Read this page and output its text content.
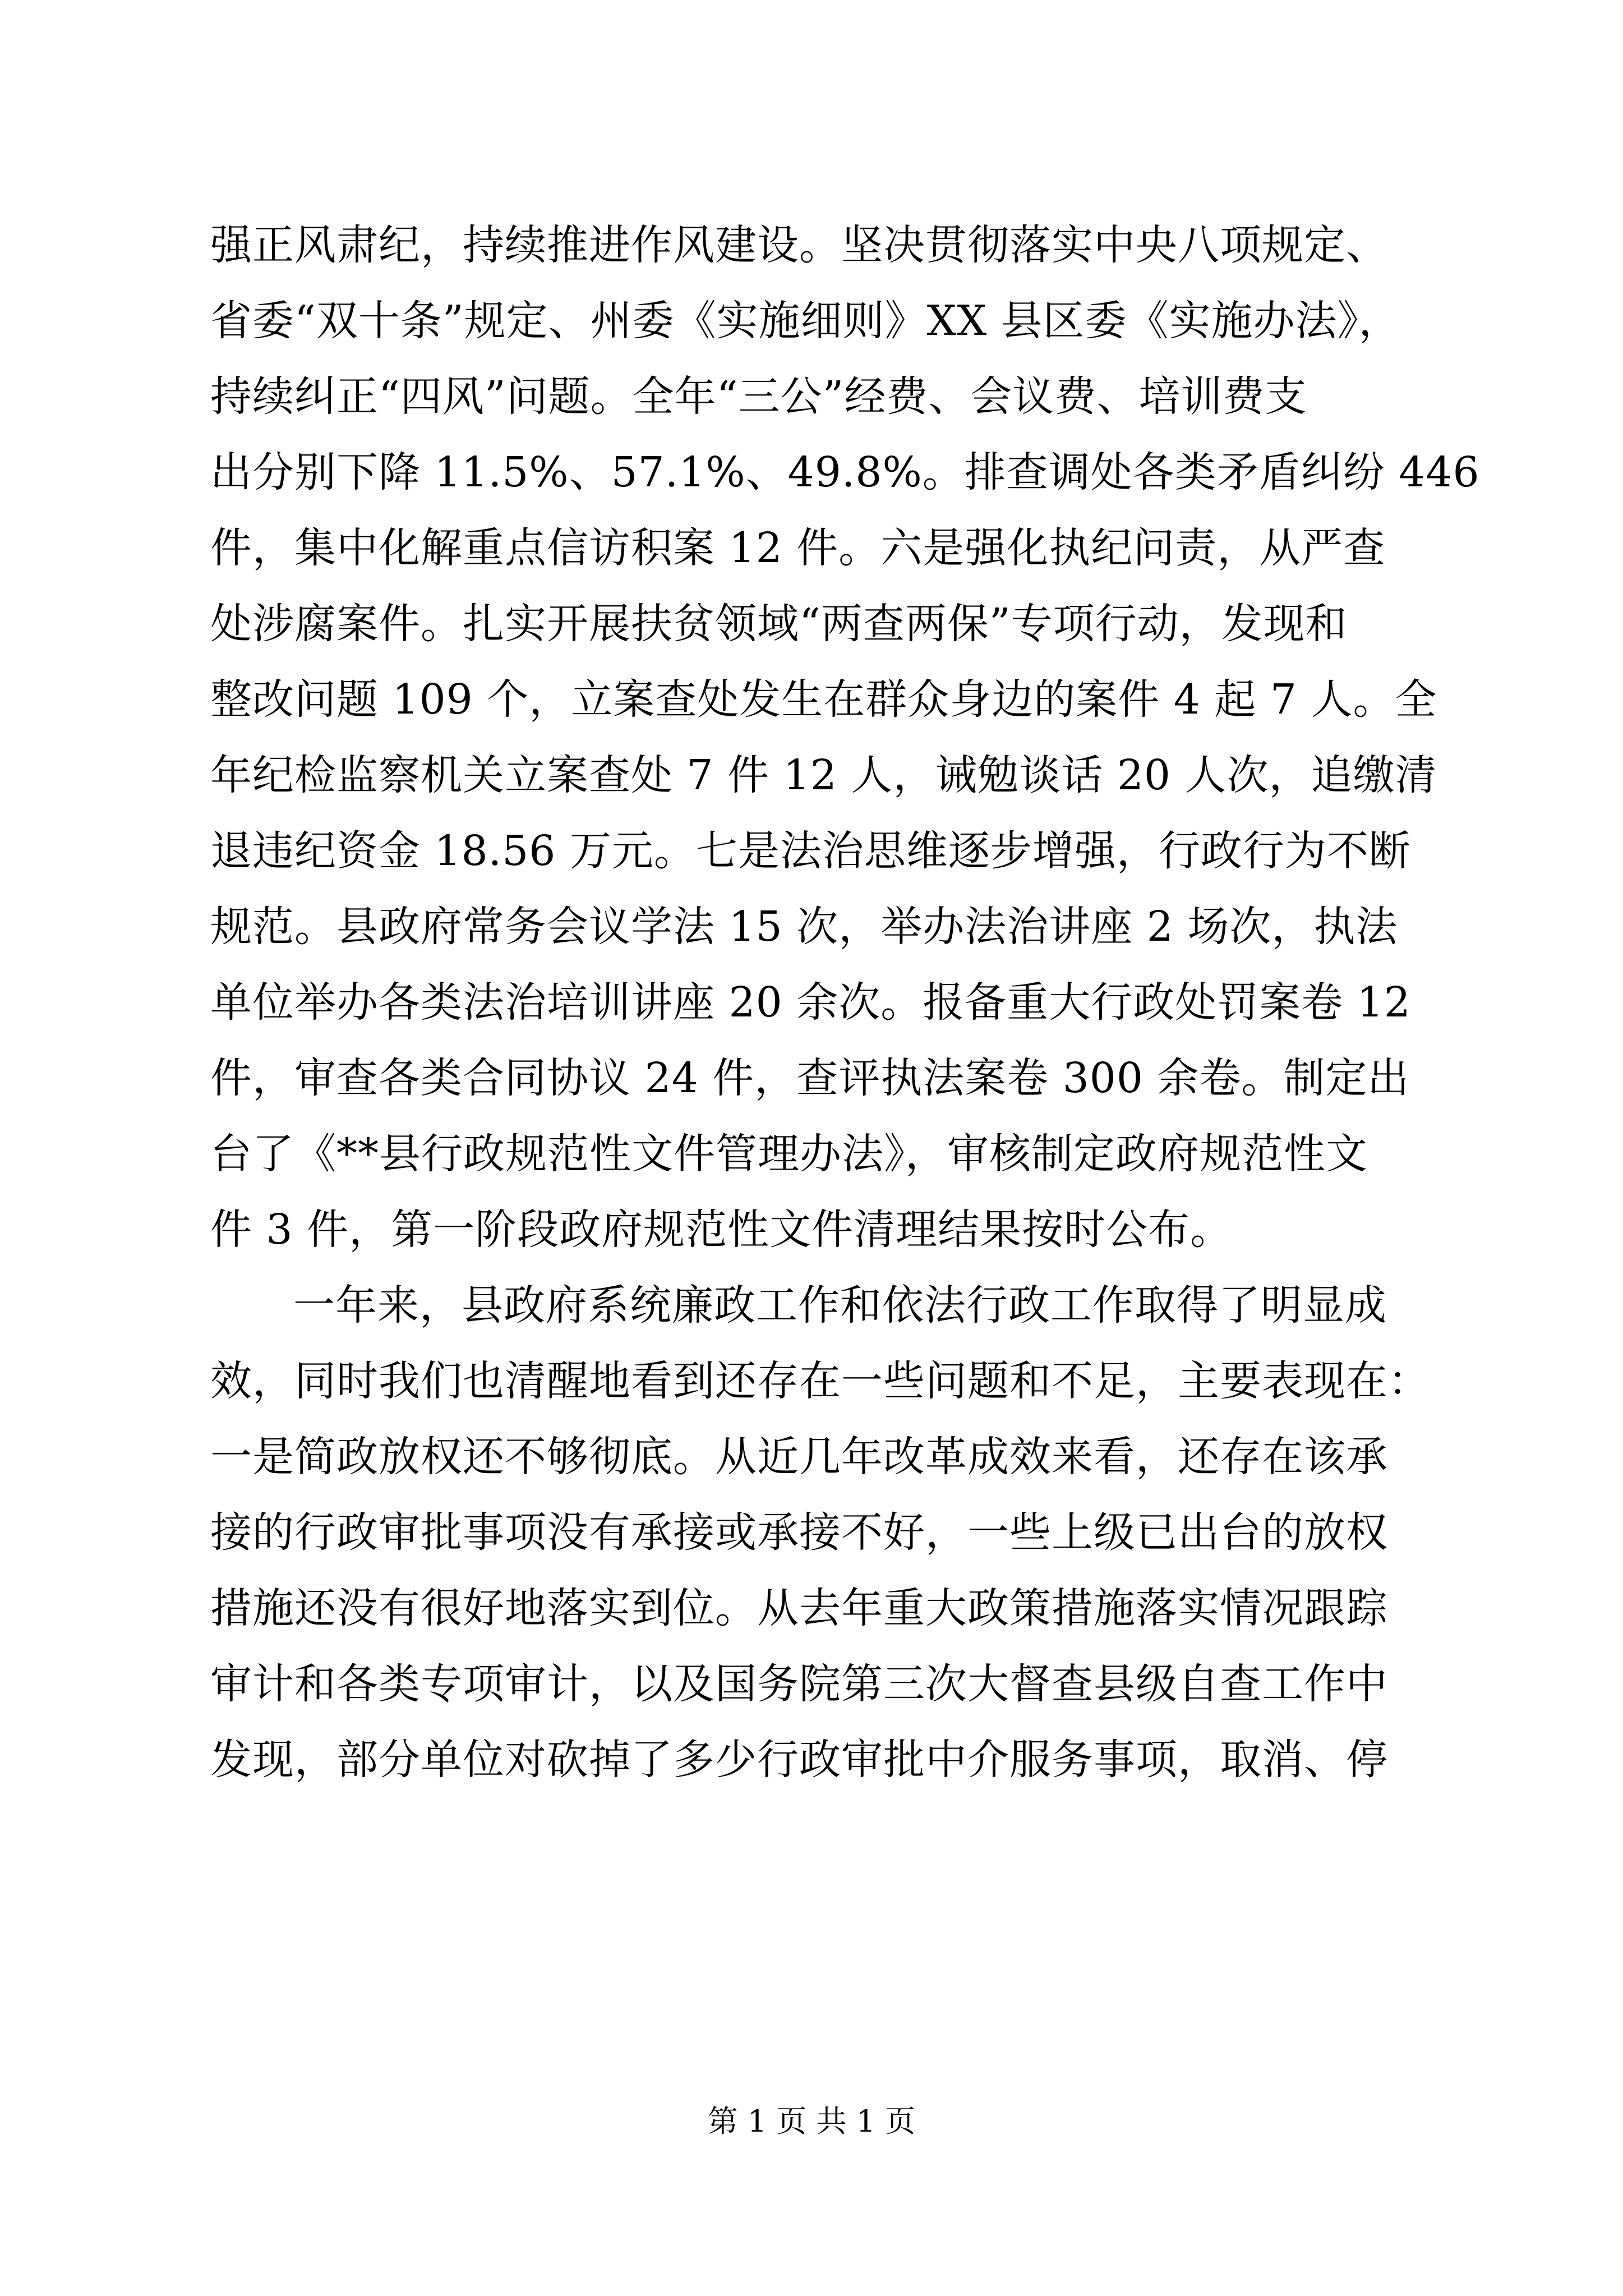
强正风肃纪，持续推进作风建设。坚决贯彻落实中央八项规定、
省委“双十条”规定、州委《实施细则》XX 县区委《实施办法》，
持续纠正“四风”问题。全年“三公”经费、会议费、培训费支
出分别下降 11.5%、57.1%、49.8%。排查调处各类矛盾纠纷 446
件，集中化解重点信访积案 12 件。六是强化执纪问责，从严查
处涉腐案件。扎实开展扶贫领域“两查两保”专项行动，发现和
整改问题 109 个，立案查处发生在群众身边的案件 4 起 7 人。全
年纪检监察机关立案查处 7 件 12 人，诫勉谈话 20 人次，追缴清
退违纪资金 18.56 万元。七是法治思维逐步增强，行政行为不断
规范。县政府常务会议学法 15 次，举办法治讲座 2 场次，执法
单位举办各类法治培训讲座 20 余次。报备重大行政处罚案卷 12
件，审查各类合同协议 24 件，查评执法案卷 300 余卷。制定出
台了《**县行政规范性文件管理办法》，审核制定政府规范性文
件 3 件，第一阶段政府规范性文件清理结果按时公布。
一年来，县政府系统廉政工作和依法行政工作取得了明显成
效，同时我们也清醒地看到还存在一些问题和不足，主要表现在：
一是简政放权还不够彻底。从近几年改革成效来看，还存在该承
接的行政审批事项没有承接或承接不好，一些上级已出台的放权
措施还没有很好地落实到位。从去年重大政策措施落实情况跟踪
审计和各类专项审计，以及国务院第三次大督查县级自查工作中
发现，部分单位对砍掉了多少行政审批中介服务事项，取消、停
第 1 页 共 1 页
